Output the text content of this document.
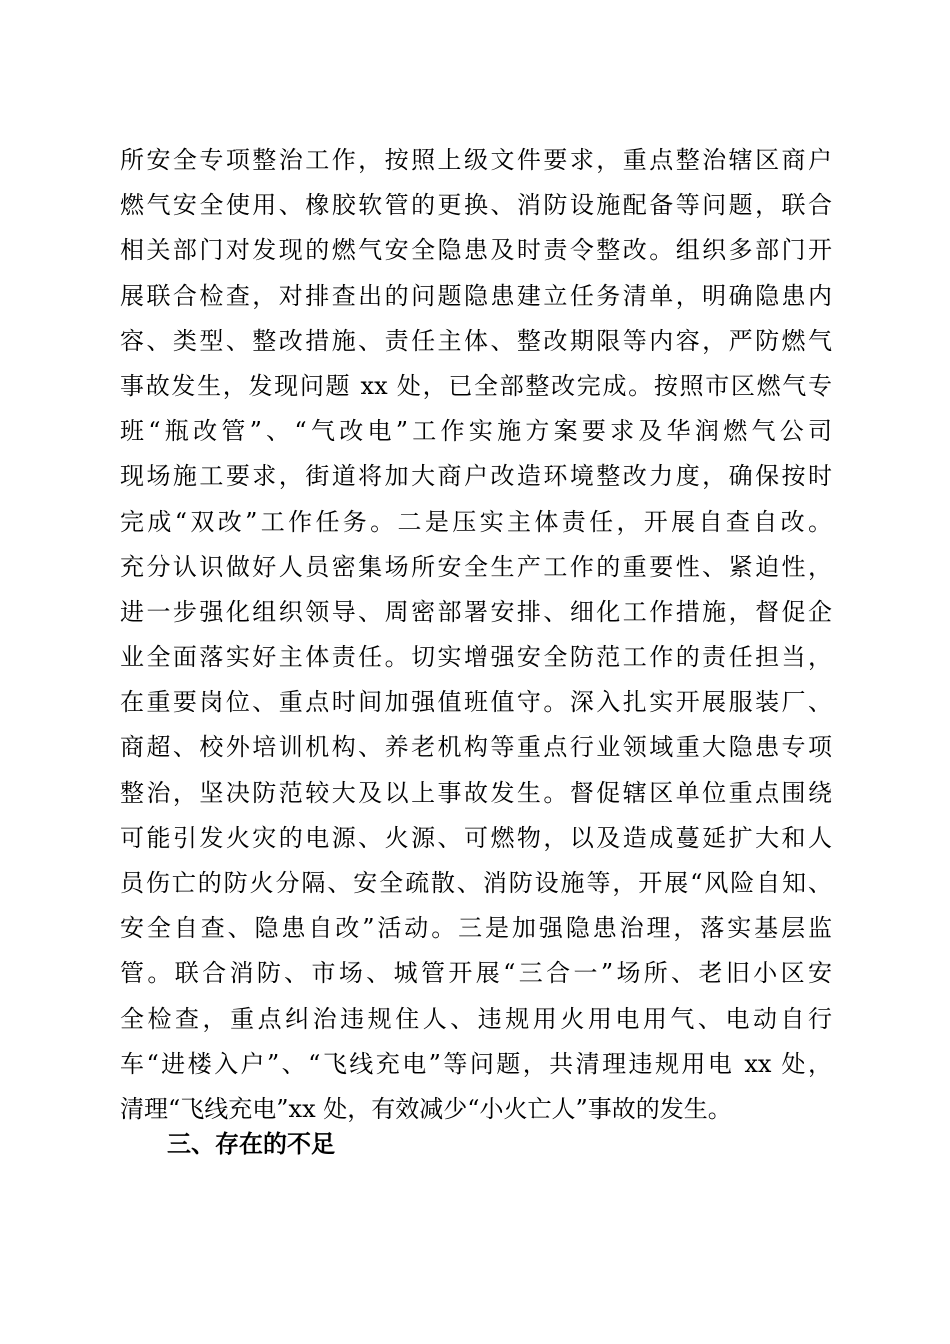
所安全专项整治工作，按照上级文件要求，重点整治辖区商户
燃气安全使用、橡胶软管的更换、消防设施配备等问题，联合
相关部门对发现的燃气安全隐患及时责令整改。组织多部门开
展联合检查，对排查出的问题隐患建立任务清单，明确隐患内
容、类型、整改措施、责任主体、整改期限等内容，严防燃气
事故发生，发现问题 xx 处，已全部整改完成。按照市区燃气专
班“瓶改管”、“气改电”工作实施方案要求及华润燃气公司
现场施工要求，街道将加大商户改造环境整改力度，确保按时
完成“双改”工作任务。二是压实主体责任，开展自查自改。
充分认识做好人员密集场所安全生产工作的重要性、紧迫性，
进一步强化组织领导、周密部署安排、细化工作措施，督促企
业全面落实好主体责任。切实增强安全防范工作的责任担当，
在重要岗位、重点时间加强值班值守。深入扎实开展服装厂、
商超、校外培训机构、养老机构等重点行业领域重大隐患专项
整治，坚决防范较大及以上事故发生。督促辖区单位重点围绕
可能引发火灾的电源、火源、可燃物，以及造成蔓延扩大和人
员伤亡的防火分隔、安全疏散、消防设施等，开展“风险自知、
安全自查、隐患自改”活动。三是加强隐患治理，落实基层监
管。联合消防、市场、城管开展“三合一”场所、老旧小区安
全检查，重点纠治违规住人、违规用火用电用气、电动自行
车“进楼入户”、“飞线充电”等问题，共清理违规用电 xx 处，
清理“飞线充电”xx 处，有效减少“小火亡人”事故的发生。
三、存在的不足
